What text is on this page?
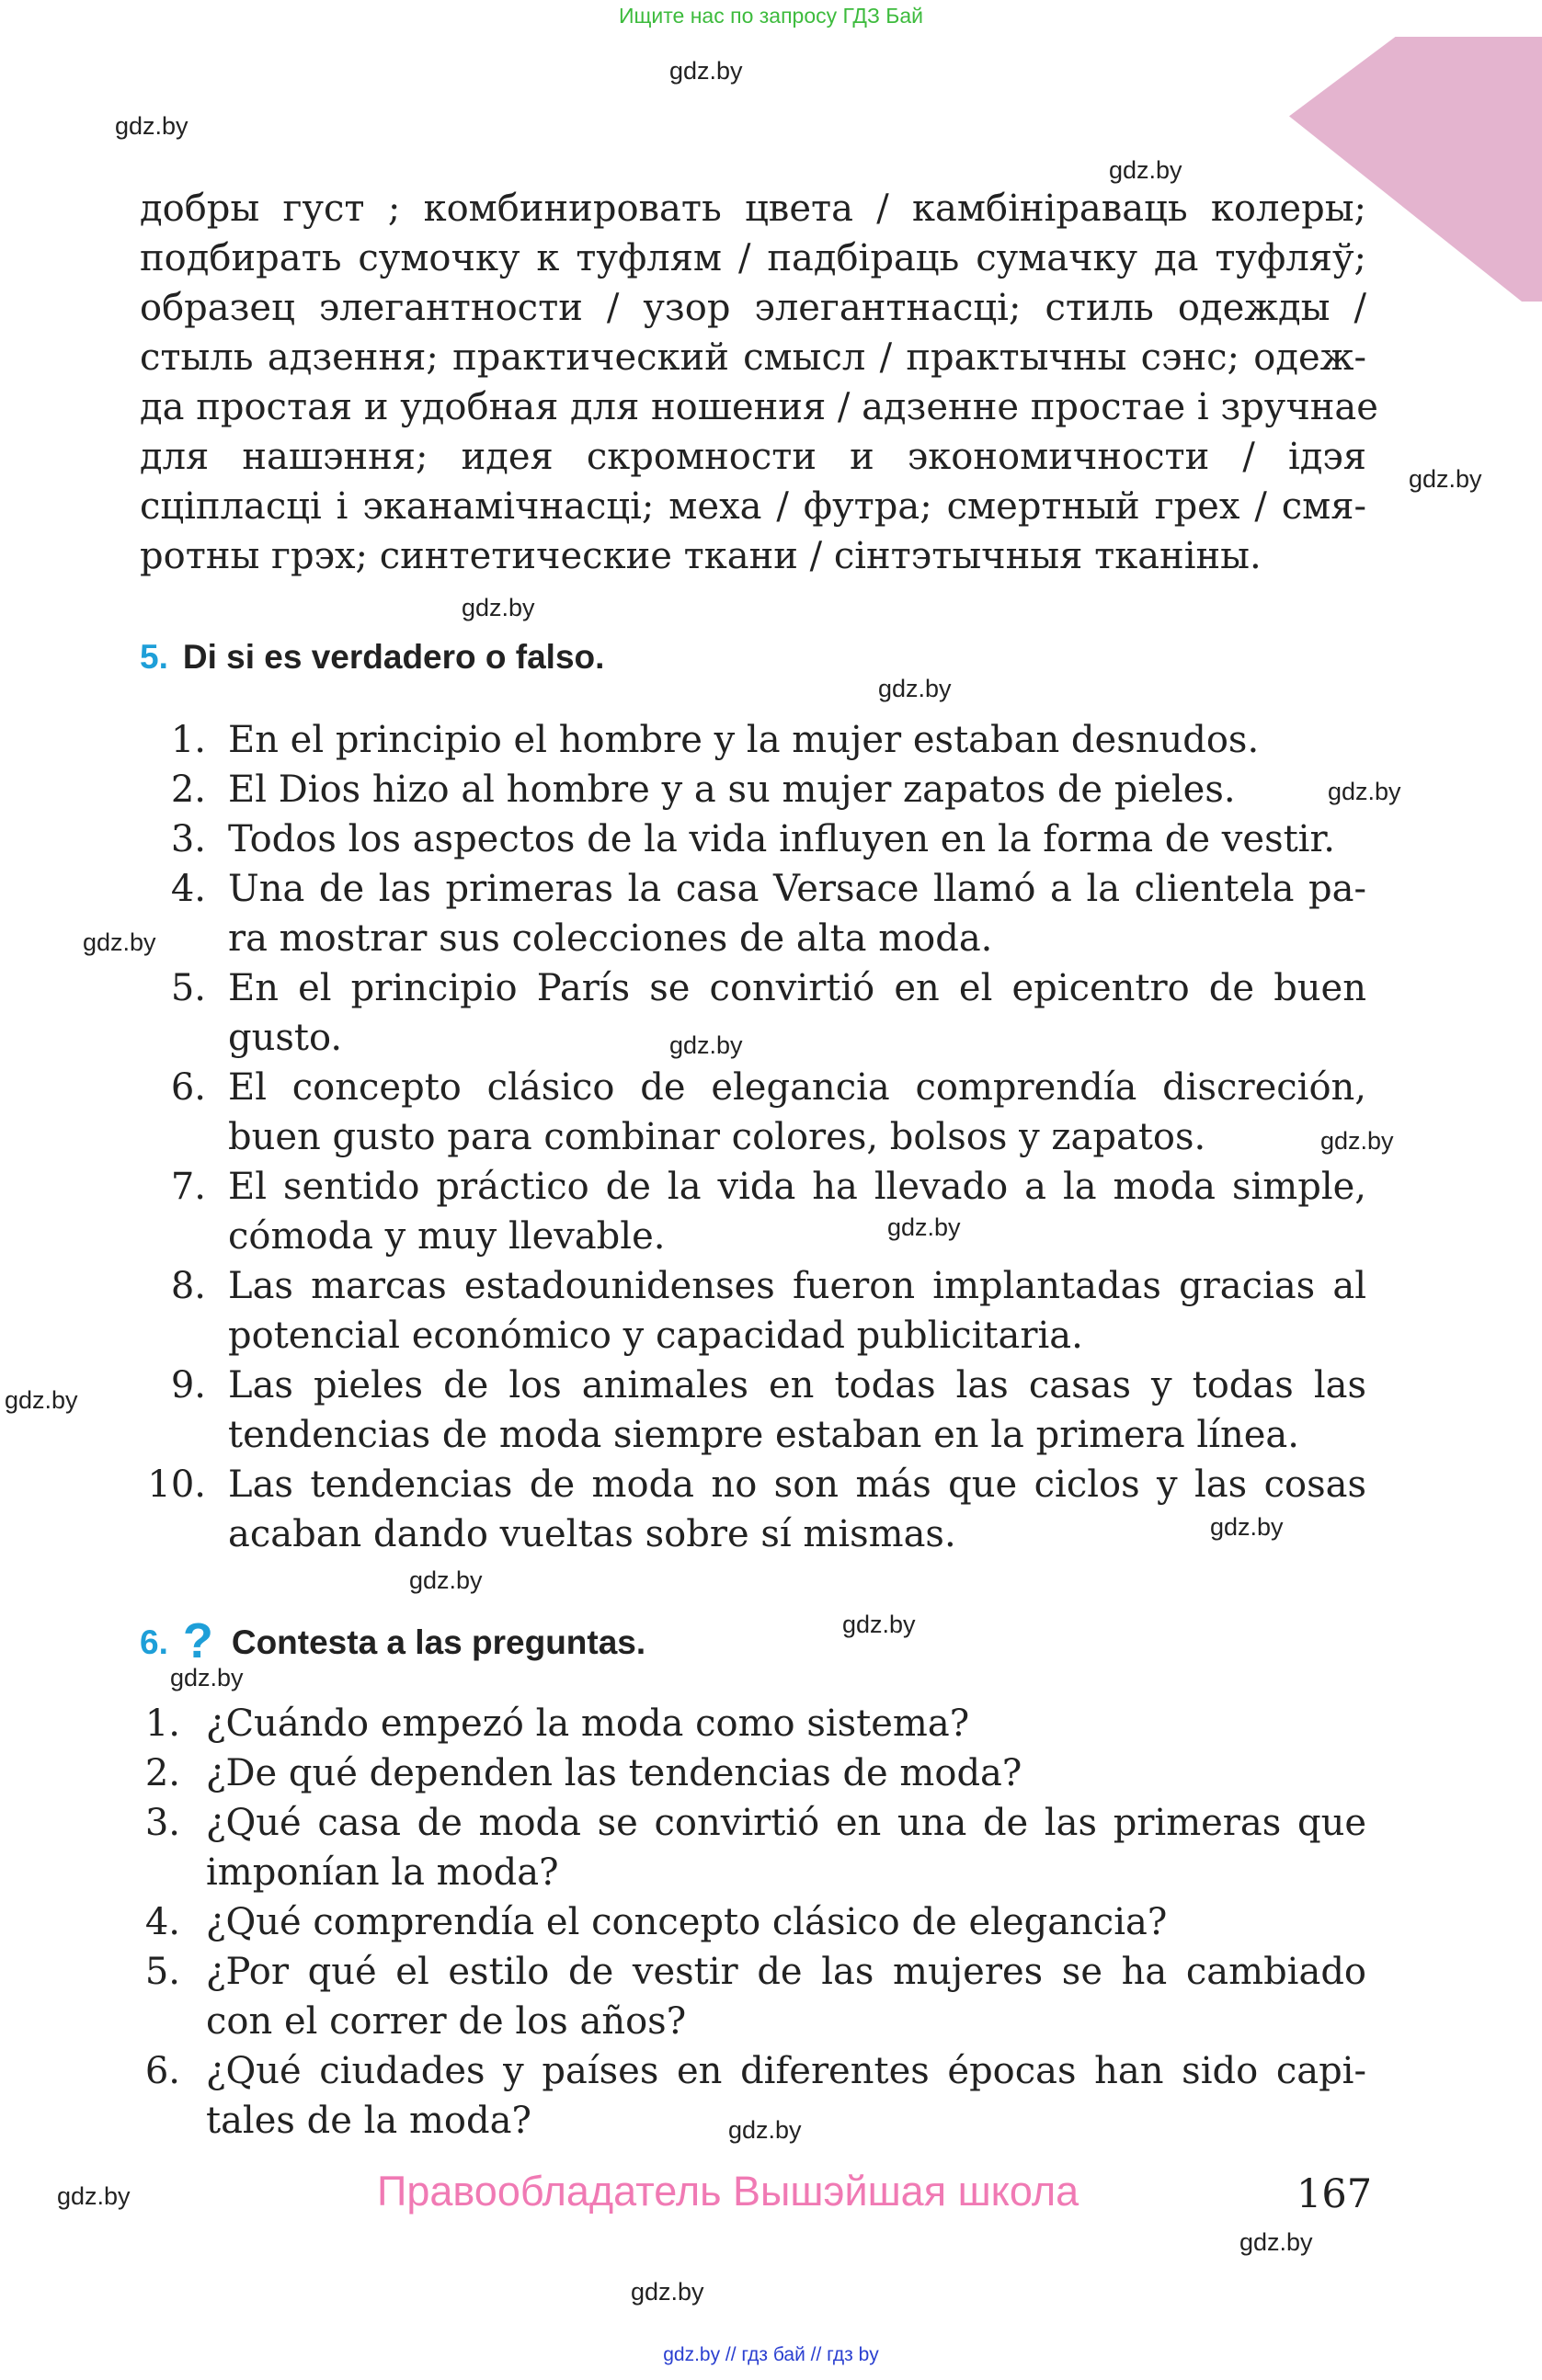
Ищите нас по запросу ГДЗ Бай
gdz.by
gdz.by
gdz.by
gdz.by
gdz.by
gdz.by
gdz.by
gdz.by
gdz.by
gdz.by
gdz.by
gdz.by
gdz.by
gdz.by
gdz.by
gdz.by
gdz.by
gdz.by
gdz.by
gdz.by
добры густ ; комбинировать цвета / камбініраваць колеры;
подбирать сумочку к туфлям / падбіраць сумачку да туфляў;
образец элегантности / узор элегантнасці; стиль одежды /
стыль адзення; практический смысл / практычны сэнс; одеж-
да простая и удобная для ношения / адзенне простае і зручнае
для нашэння; идея скромности и экономичности / ідэя
сціпласці і эканамічнасці; меха / футра; смертный грех / смя-
ротны грэх; синтетические ткани / сінтэтычныя тканіны.
5. Di si es verdadero o falso.
1. En el principio el hombre y la mujer estaban desnudos.
2. El Dios hizo al hombre y a su mujer zapatos de pieles.
3. Todos los aspectos de la vida influyen en la forma de vestir.
4. Una de las primeras la casa Versace llamó a la clientela pa-
ra mostrar sus colecciones de alta moda.
5. En el principio París se convirtió en el epicentro de buen
gusto.
6. El concepto clásico de elegancia comprendía discreción,
buen gusto para combinar colores, bolsos y zapatos.
7. El sentido práctico de la vida ha llevado a la moda simple,
cómoda y muy llevable.
8. Las marcas estadounidenses fueron implantadas gracias al
potencial económico y capacidad publicitaria.
9. Las pieles de los animales en todas las casas y todas las
tendencias de moda siempre estaban en la primera línea.
10. Las tendencias de moda no son más que ciclos y las cosas
acaban dando vueltas sobre sí mismas.
6. ? Contesta a las preguntas.
1. ¿Cuándo empezó la moda como sistema?
2. ¿De qué dependen las tendencias de moda?
3. ¿Qué casa de moda se convirtió en una de las primeras que
imponían la moda?
4. ¿Qué comprendía el concepto clásico de elegancia?
5. ¿Por qué el estilo de vestir de las mujeres se ha cambiado
con el correr de los años?
6. ¿Qué ciudades y países en diferentes épocas han sido capi-
tales de la moda?
Правообладатель Вышэйшая школа	167
gdz.by // гдз бай // гдз by
